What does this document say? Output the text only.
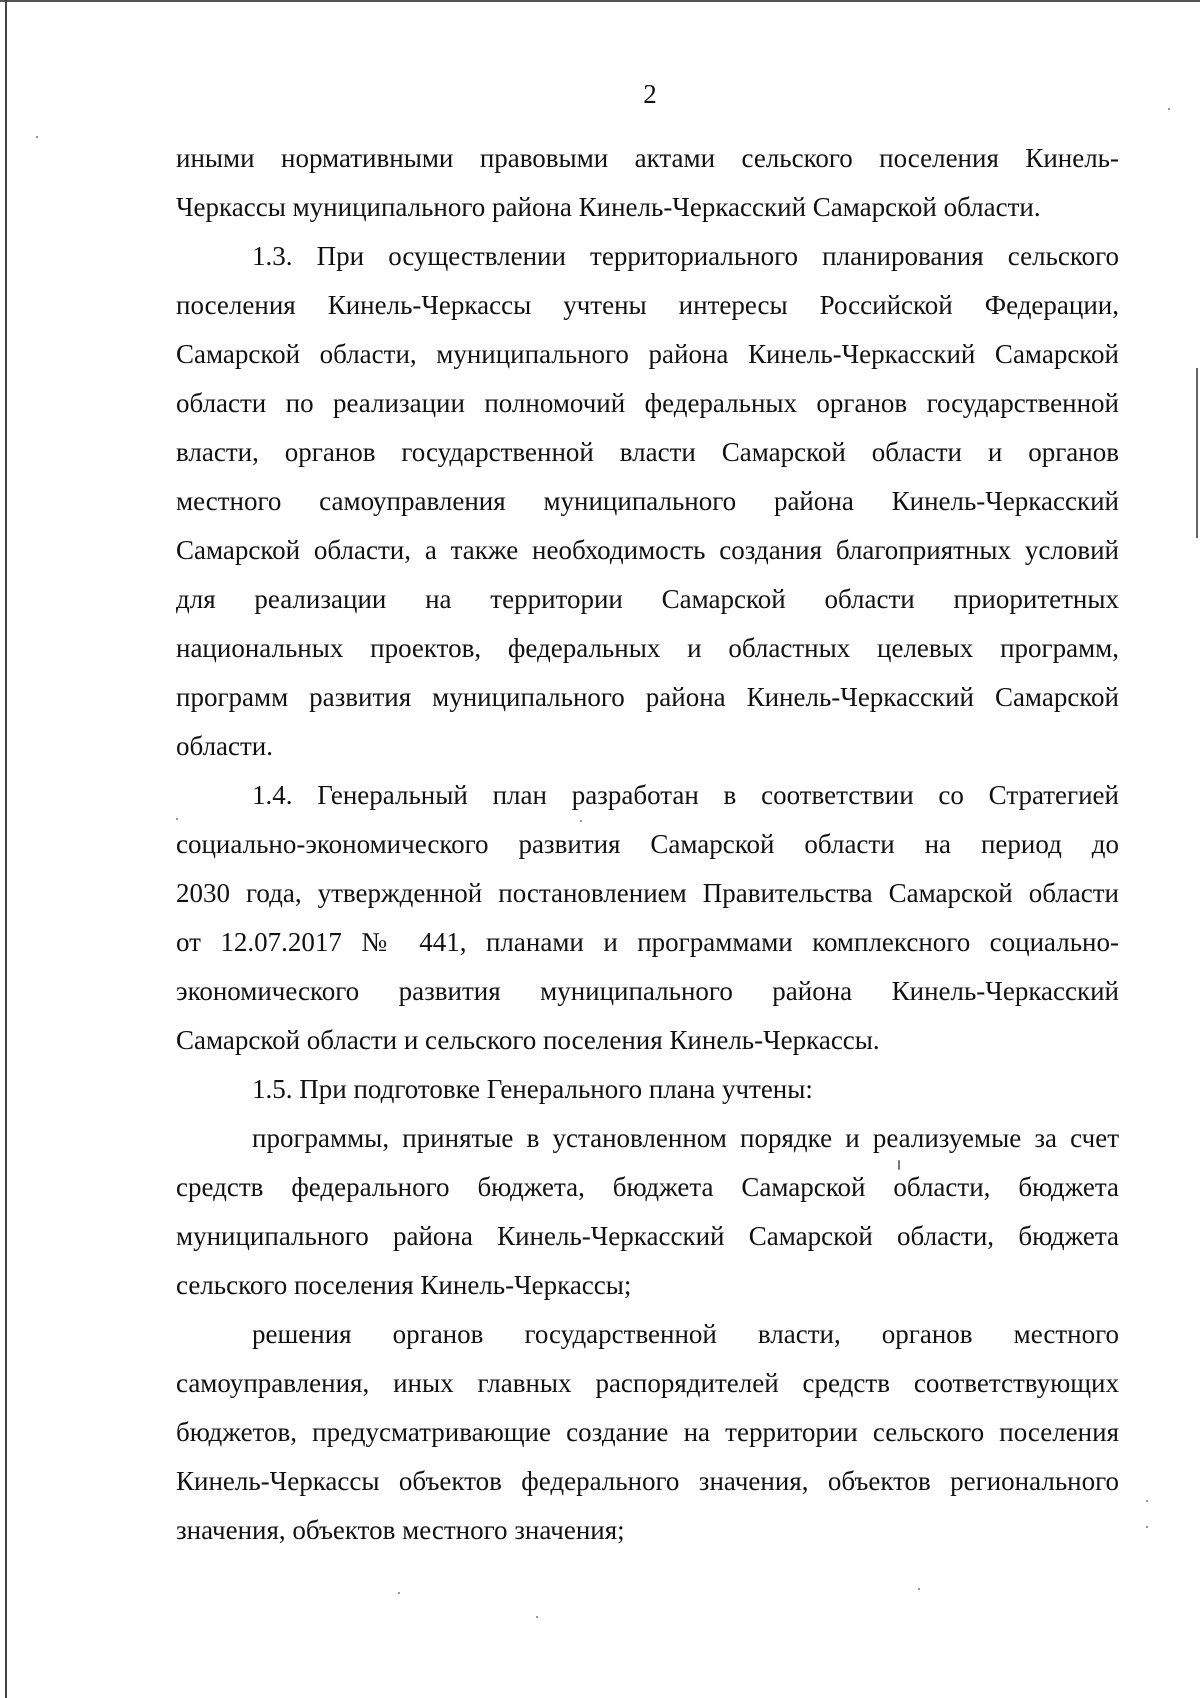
2
иными нормативными правовыми актами сельского поселения Кинель-
Черкассы муниципального района Кинель-Черкасский Самарской области.
1.3. При осуществлении территориального планирования сельского
поселения Кинель-Черкассы учтены интересы Российской Федерации,
Самарской области, муниципального района Кинель-Черкасский Самарской
области по реализации полномочий федеральных органов государственной
власти, органов государственной власти Самарской области и органов
местного самоуправления муниципального района Кинель-Черкасский
Самарской области, а также необходимость создания благоприятных условий
для реализации на территории Самарской области приоритетных
национальных проектов, федеральных и областных целевых программ,
программ развития муниципального района Кинель-Черкасский Самарской
области.
1.4. Генеральный план разработан в соответствии со Стратегией
социально-экономического развития Самарской области на период до
2030 года, утвержденной постановлением Правительства Самарской области
от 12.07.2017 № 441, планами и программами комплексного социально-
экономического развития муниципального района Кинель-Черкасский
Самарской области и сельского поселения Кинель-Черкассы.
1.5. При подготовке Генерального плана учтены:
программы, принятые в установленном порядке и реализуемые за счет
средств федерального бюджета, бюджета Самарской области, бюджета
муниципального района Кинель-Черкасский Самарской области, бюджета
сельского поселения Кинель-Черкассы;
решения органов государственной власти, органов местного
самоуправления, иных главных распорядителей средств соответствующих
бюджетов, предусматривающие создание на территории сельского поселения
Кинель-Черкассы объектов федерального значения, объектов регионального
значения, объектов местного значения;
